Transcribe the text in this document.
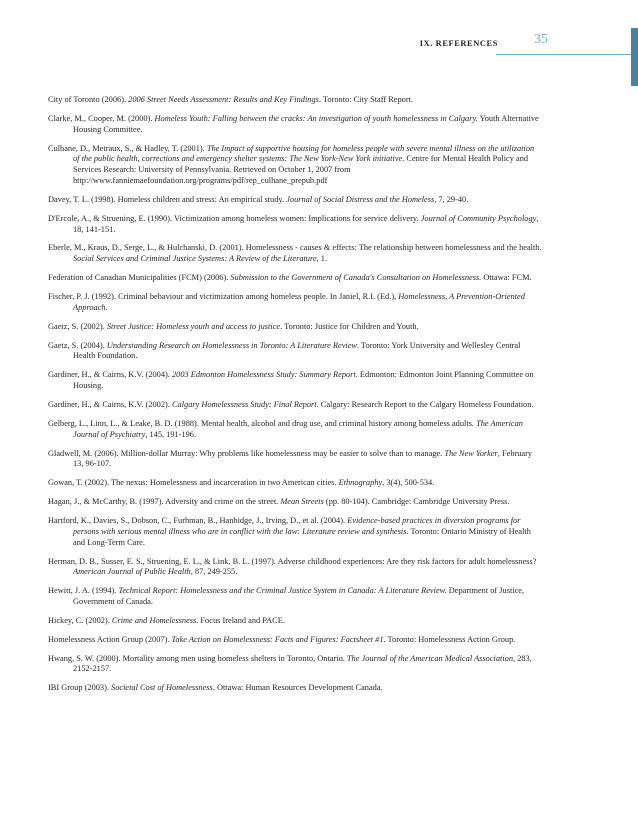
IX. REFERENCES	35
City of Toronto (2006). 2006 Street Needs Assessment: Results and Key Findings. Toronto: City Staff Report.
Clarke, M., Cooper, M. (2000). Homeless Youth: Falling between the cracks: An investigation of youth homelessness in Calgary. Youth Alternative Housing Committee.
Culhane, D., Metraux, S., & Hadley, T. (2001). The Impact of supportive housing for homeless people with severe mental illness on the utilization of the public health, corrections and emergency shelter systems: The New York-New York initiative. Centre for Mental Health Policy and Services Research: University of Pennsylvania. Retrieved on October 1, 2007 from http://www.fanniemaefoundation.org/programs/pdf/rep_culhane_prepub.pdf
Davey, T. L. (1998). Homeless children and stress: An empirical study. Journal of Social Distress and the Homeless, 7, 29-40.
D'Ercole, A., & Struening, E. (1990). Victimization among homeless women: Implications for service delivery. Journal of Community Psychology, 18, 141-151.
Eberle, M., Kraus, D., Serge, L., & Hulchanski, D. (2001). Homelessness - causes & effects: The relationship between homelessness and the health. Social Services and Criminal Justice Systems: A Review of the Literature, 1.
Federation of Canadian Municipalities (FCM) (2006). Submission to the Government of Canada's Consultation on Homelessness. Ottawa: FCM.
Fischer, P. J. (1992). Criminal behaviour and victimization among homeless people. In Janiel, R.I. (Ed.), Homelessness, A Prevention-Oriented Approach.
Gaetz, S. (2002). Street Justice: Homeless youth and access to justice. Toronto: Justice for Children and Youth.
Gaetz, S. (2004). Understanding Research on Homelessness in Toronto: A Literature Review. Toronto: York University and Wellesley Central Health Foundation.
Gardiner, H., & Cairns, K.V. (2004). 2003 Edmonton Homelessness Study: Summary Report. Edmonton: Edmonton Joint Planning Committee on Housing.
Gardiner, H., & Cairns, K.V. (2002). Calgary Homelessness Study: Final Report. Calgary: Research Report to the Calgary Homeless Foundation.
Gelberg, L., Linn, L., & Leake, B. D. (1988). Mental health, alcohol and drug use, and criminal history among homeless adults. The American Journal of Psychiatry, 145, 191-196.
Gladwell, M. (2006). Million-dollar Murray: Why problems like homelessness may be easier to solve than to manage. The New Yorker, February 13, 96-107.
Gowan, T. (2002). The nexus: Homelessness and incarceration in two American cities. Ethnography, 3(4), 500-534.
Hagan, J., & McCarthy, B. (1997). Adversity and crime on the street. Mean Streets (pp. 80-104). Cambridge: Cambridge University Press.
Hartford, K., Davies, S., Dobson, C., Furhman, B., Hanbidge, J., Irving, D., et al. (2004). Evidence-based practices in diversion programs for persons with serious mental illness who are in conflict with the law: Literature review and synthesis. Toronto: Ontario Ministry of Health and Long-Term Care.
Herman, D. B., Susser, E. S., Struening, E. L., & Link, B. L. (1997). Adverse childhood experiences: Are they risk factors for adult homelessness? American Journal of Public Health, 87, 249-255.
Hewitt, J. A. (1994). Technical Report: Homelessness and the Criminal Justice System in Canada: A Literature Review. Department of Justice, Government of Canada.
Hickey, C. (2002). Crime and Homelessness. Focus Ireland and PACE.
Homelessness Action Group (2007). Take Action on Homelessness: Facts and Figures: Factsheet #1. Toronto: Homelessness Action Group.
Hwang, S. W. (2000). Mortality among men using homeless shelters in Toronto, Ontario. The Journal of the American Medical Association, 283, 2152-2157.
IBI Group (2003). Societal Cost of Homelessness. Ottawa: Human Resources Development Canada.
